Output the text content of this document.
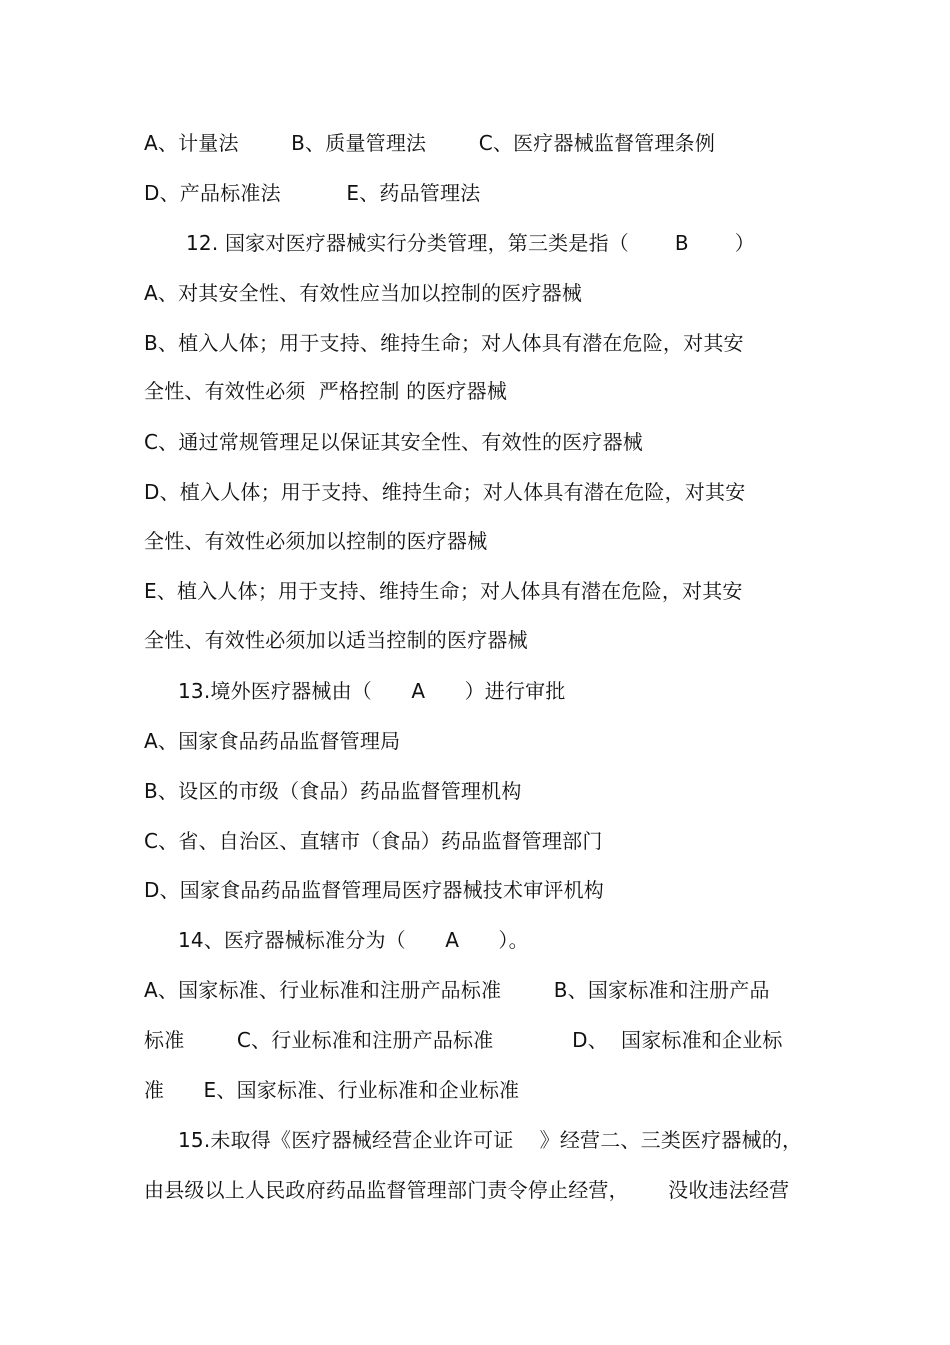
A、计量法        B、质量管理法        C、医疗器械监督管理条例
D、产品标准法          E、药品管理法
12. 国家对医疗器械实行分类管理，第三类是指（       B       ）
A、对其安全性、有效性应当加以控制的医疗器械
B、植入人体；用于支持、维持生命；对人体具有潜在危险，对其安
全性、有效性必须  严格控制 的医疗器械
C、通过常规管理足以保证其安全性、有效性的医疗器械
D、植入人体；用于支持、维持生命；对人体具有潜在危险，对其安
全性、有效性必须加以控制的医疗器械
E、植入人体；用于支持、维持生命；对人体具有潜在危险，对其安
全性、有效性必须加以适当控制的医疗器械
13.境外医疗器械由（      A      ）进行审批
A、国家食品药品监督管理局
B、设区的市级（食品）药品监督管理机构
C、省、自治区、直辖市（食品）药品监督管理部门
D、国家食品药品监督管理局医疗器械技术审评机构
14、医疗器械标准分为（      A      ）。
A、国家标准、行业标准和注册产品标准        B、国家标准和注册产品
标准        C、行业标准和注册产品标准            D、  国家标准和企业标
准      E、国家标准、行业标准和企业标准
15.未取得《医疗器械经营企业许可证    》经营二、三类医疗器械的，
由县级以上人民政府药品监督管理部门责令停止经营，      没收违法经营
